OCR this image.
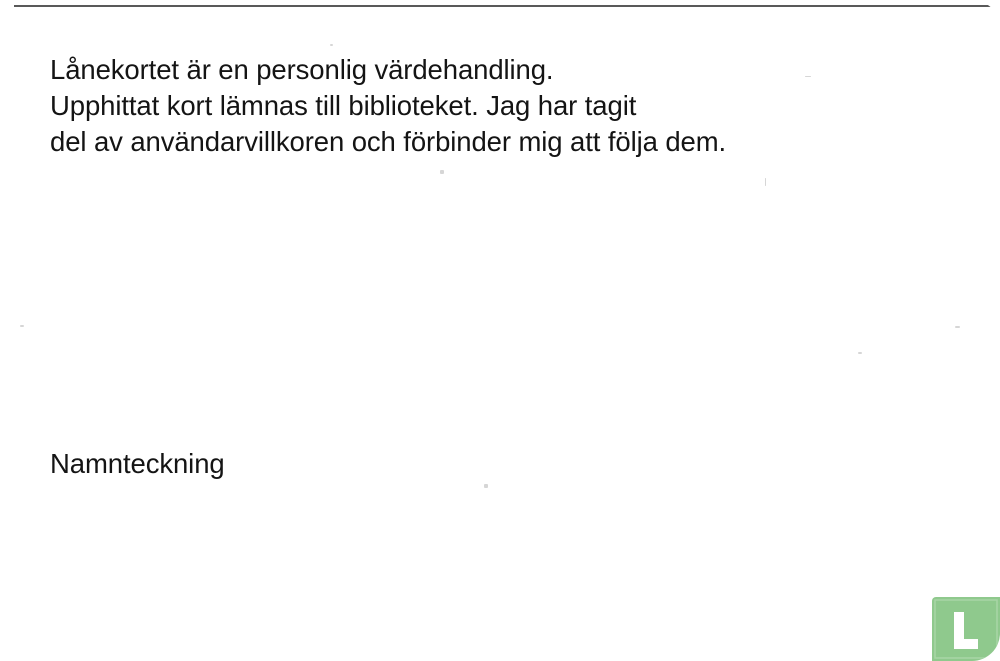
Lånekortet är en personlig värdehandling.

Upphittat kort lämnas till biblioteket. Jag har tagit

del av användarvillkoren och förbinder mig att följa dem.

Namnteckning
